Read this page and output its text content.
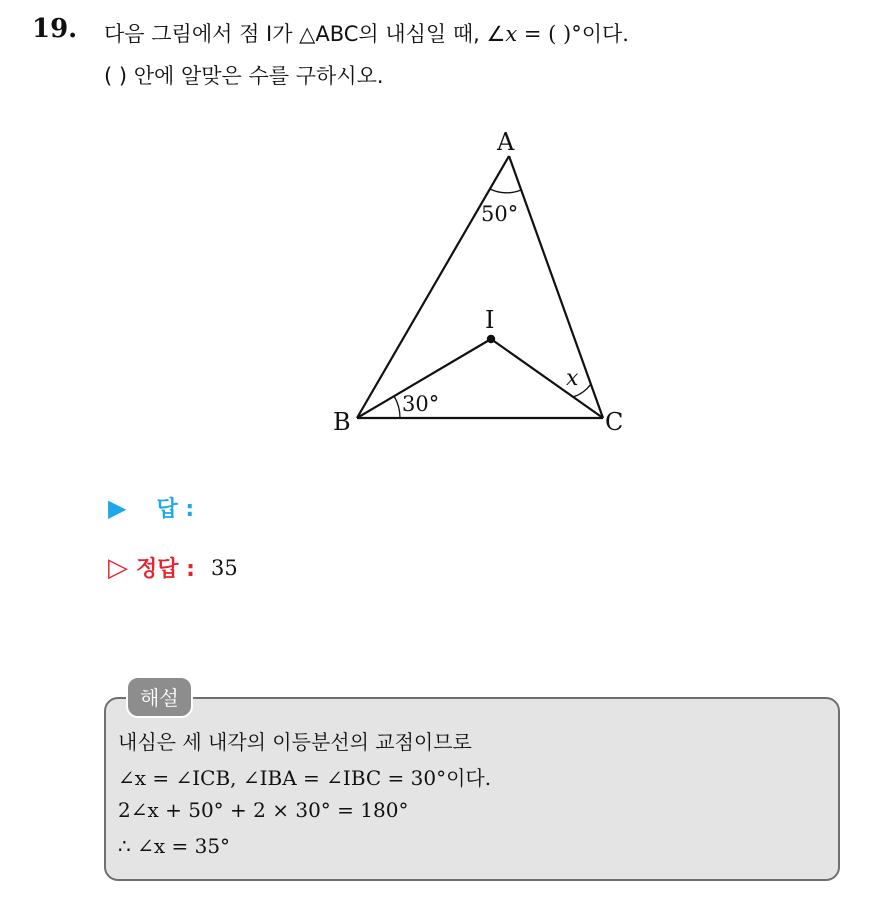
19. 다음 그림에서 점 I가 △ABC의 내심일 때, ∠x = ( )°이다.
( ) 안에 알맞은 수를 구하시오.
A
B	C
I
50°
30°
x
▶ 답 :
▷ 정답 : 35
해설
내심은 세 내각의 이등분선의 교점이므로
∠x = ∠ICB, ∠IBA = ∠IBC = 30°이다.
2∠x + 50° + 2 × 30° = 180°
∴ ∠x = 35°
